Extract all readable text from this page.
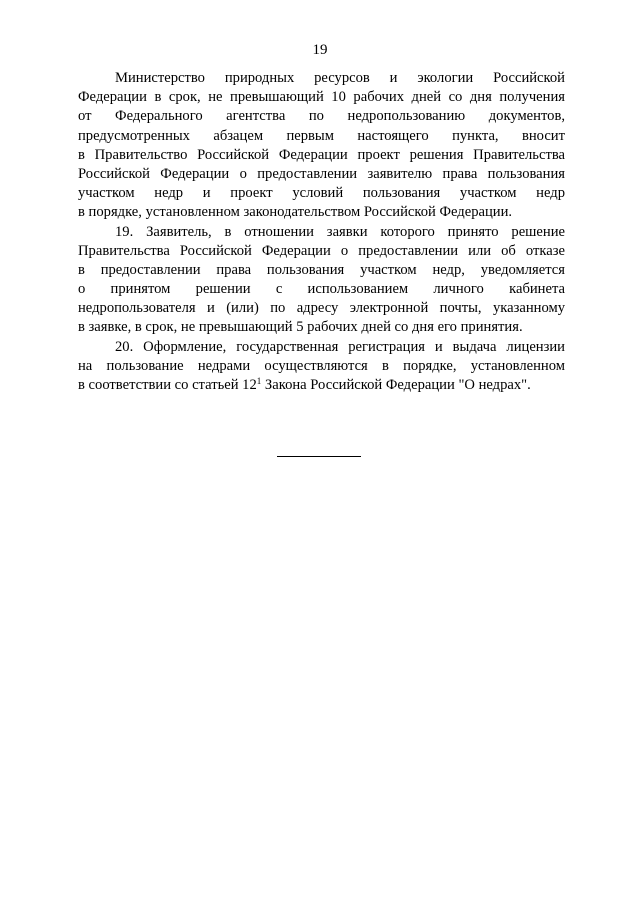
19
Министерство природных ресурсов и экологии Российской
Федерации в срок, не превышающий 10 рабочих дней со дня получения
от Федерального агентства по недропользованию документов,
предусмотренных абзацем первым настоящего пункта, вносит
в Правительство Российской Федерации проект решения Правительства
Российской Федерации о предоставлении заявителю права пользования
участком недр и проект условий пользования участком недр
в порядке, установленном законодательством Российской Федерации.
19. Заявитель, в отношении заявки которого принято решение
Правительства Российской Федерации о предоставлении или об отказе
в предоставлении права пользования участком недр, уведомляется
о принятом решении с использованием личного кабинета
недропользователя и (или) по адресу электронной почты, указанному
в заявке, в срок, не превышающий 5 рабочих дней со дня его принятия.
20. Оформление, государственная регистрация и выдача лицензии
на пользование недрами осуществляются в порядке, установленном
в соответствии со статьей $12^1$ Закона Российской Федерации "О недрах".
